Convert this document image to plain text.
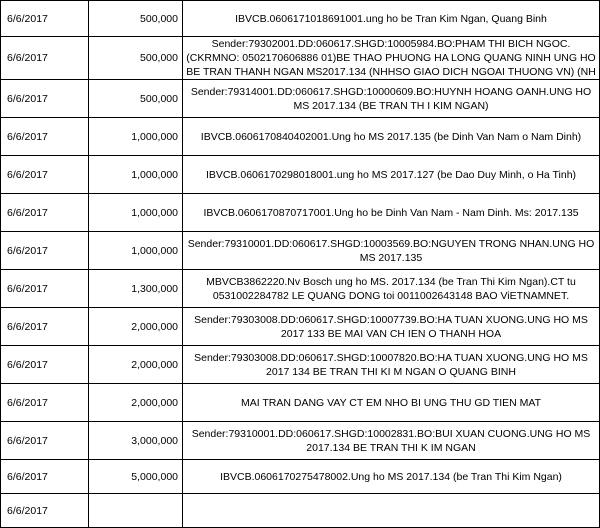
6/6/2017	500,000	IBVCB.0606171018691001.ung ho be Tran Kim Ngan, Quang Binh

6/6/2017	500,000	Sender:79302001.DD:060617.SHGD:10005984.BO:PHAM THI BICH NGOC.(CKRMNO: 0502170606886 01)BE THAO PHUONG HA LONG QUANG NINH UNG HO BE TRAN THANH NGAN MS2017.134 (NHHSO GIAO DICH NGOAI THUONG VN) (NH

6/6/2017	500,000	Sender:79314001.DD:060617.SHGD:10000609.BO:HUYNH HOANG OANH.UNG HO MS 2017.134 (BE TRAN TH I KIM NGAN)

6/6/2017	1,000,000	IBVCB.0606170840402001.Ung ho MS 2017.135 (be Dinh Van Nam o Nam Dinh)

6/6/2017	1,000,000	IBVCB.0606170298018001.ung ho MS 2017.127 (be Dao Duy Minh, o Ha Tinh)

6/6/2017	1,000,000	IBVCB.0606170870717001.Ung ho be Dinh Van Nam - Nam Dinh. Ms: 2017.135

6/6/2017	1,000,000	Sender:79310001.DD:060617.SHGD:10003569.BO:NGUYEN TRONG NHAN.UNG HO MS 2017.135

6/6/2017	1,300,000	MBVCB3862220.Nv Bosch ung ho MS. 2017.134 (be Tran Thi Kim Ngan).CT tu 0531002284782 LE QUANG DONG toi 0011002643148 BAO ViETNAMNET.

6/6/2017	2,000,000	Sender:79303008.DD:060617.SHGD:10007739.BO:HA TUAN XUONG.UNG HO MS 2017 133 BE MAI VAN CH IEN O THANH HOA

6/6/2017	2,000,000	Sender:79303008.DD:060617.SHGD:10007820.BO:HA TUAN XUONG.UNG HO MS 2017 134 BE TRAN THI KI M NGAN O QUANG BINH

6/6/2017	2,000,000	MAI TRAN DANG VAY CT EM NHO BI UNG THU GD TIEN MAT

6/6/2017	3,000,000	Sender:79310001.DD:060617.SHGD:10002831.BO:BUI XUAN CUONG.UNG HO MS 2017.134 BE TRAN THI K IM NGAN

6/6/2017	5,000,000	IBVCB.0606170275478002.Ung ho MS 2017.134 (be Tran Thi Kim Ngan)

6/6/2017		
